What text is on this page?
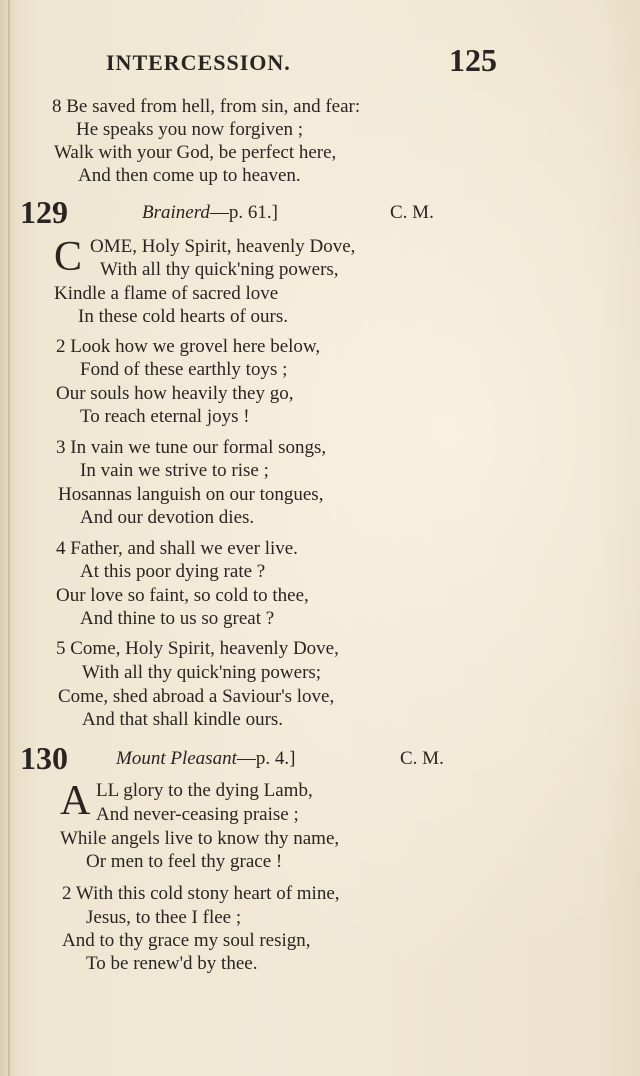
INTERCESSION.	125
8 Be saved from hell, from sin, and fear:
He speaks you now forgiven ;
Walk with your God, be perfect here,
And then come up to heaven.
129	Brainerd—p. 61.]	C. M.
C OME, Holy Spirit, heavenly Dove,
With all thy quick'ning powers,
Kindle a flame of sacred love
In these cold hearts of ours.
2 Look how we grovel here below,
Fond of these earthly toys ;
Our souls how heavily they go,
To reach eternal joys !
3 In vain we tune our formal songs,
In vain we strive to rise ;
Hosannas languish on our tongues,
And our devotion dies.
4 Father, and shall we ever live.
At this poor dying rate ?
Our love so faint, so cold to thee,
And thine to us so great ?
5 Come, Holy Spirit, heavenly Dove,
With all thy quick'ning powers;
Come, shed abroad a Saviour's love,
And that shall kindle ours.
130	Mount Pleasant—p. 4.]	C. M.
A LL glory to the dying Lamb,
And never-ceasing praise ;
While angels live to know thy name,
Or men to feel thy grace !
2 With this cold stony heart of mine,
Jesus, to thee I flee ;
And to thy grace my soul resign,
To be renew'd by thee.
